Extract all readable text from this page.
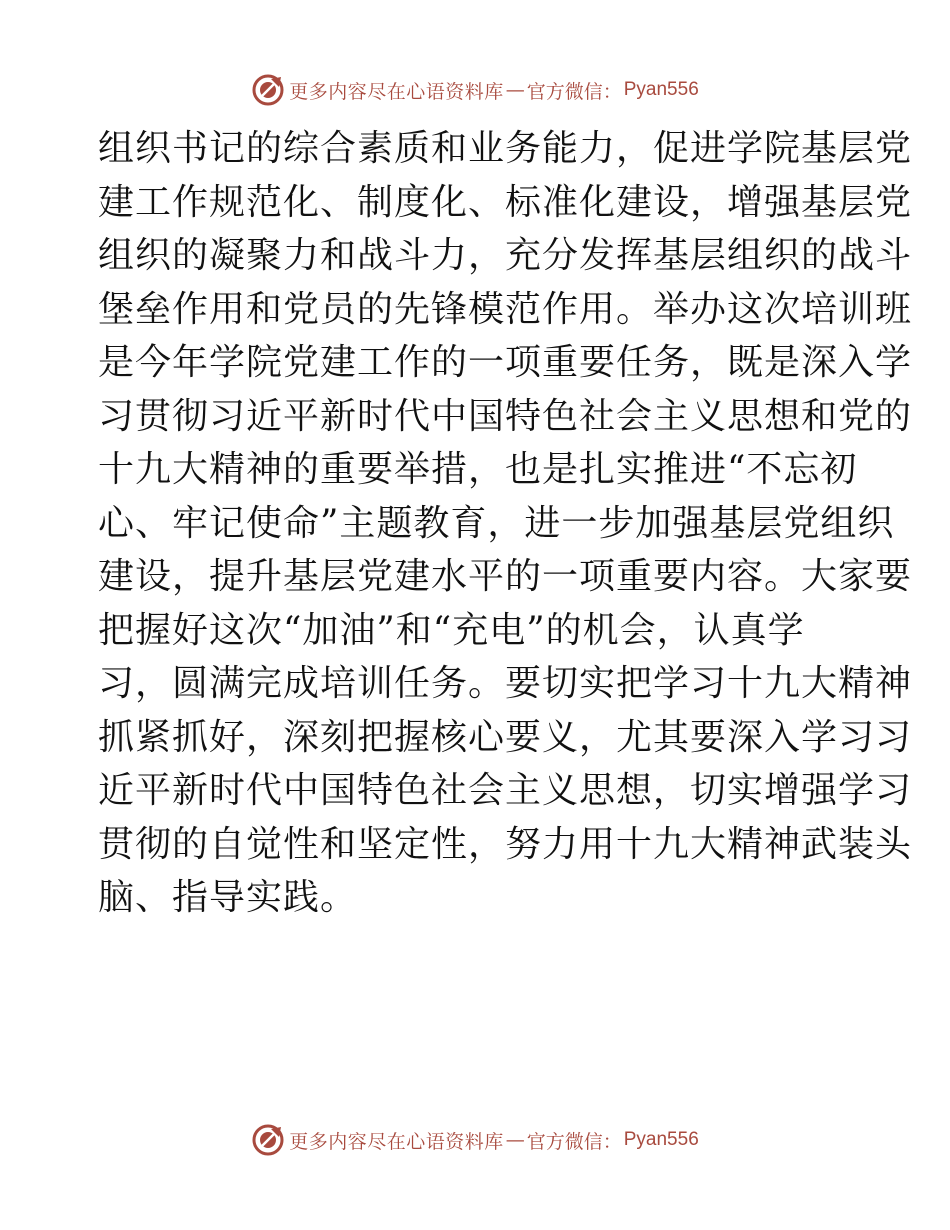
更多内容尽在心语资料库 — 官方微信： Pyan556
组织书记的综合素质和业务能力，促进学院基层党
建工作规范化、制度化、标准化建设，增强基层党
组织的凝聚力和战斗力，充分发挥基层组织的战斗
堡垒作用和党员的先锋模范作用。举办这次培训班
是今年学院党建工作的一项重要任务，既是深入学
习贯彻习近平新时代中国特色社会主义思想和党的
十九大精神的重要举措，也是扎实推进“不忘初
心、牢记使命”主题教育，进一步加强基层党组织
建设，提升基层党建水平的一项重要内容。大家要
把握好这次“加油”和“充电”的机会，认真学
习，圆满完成培训任务。要切实把学习十九大精神
抓紧抓好，深刻把握核心要义，尤其要深入学习习
近平新时代中国特色社会主义思想，切实增强学习
贯彻的自觉性和坚定性，努力用十九大精神武装头
脑、指导实践。
更多内容尽在心语资料库 — 官方微信： Pyan556
